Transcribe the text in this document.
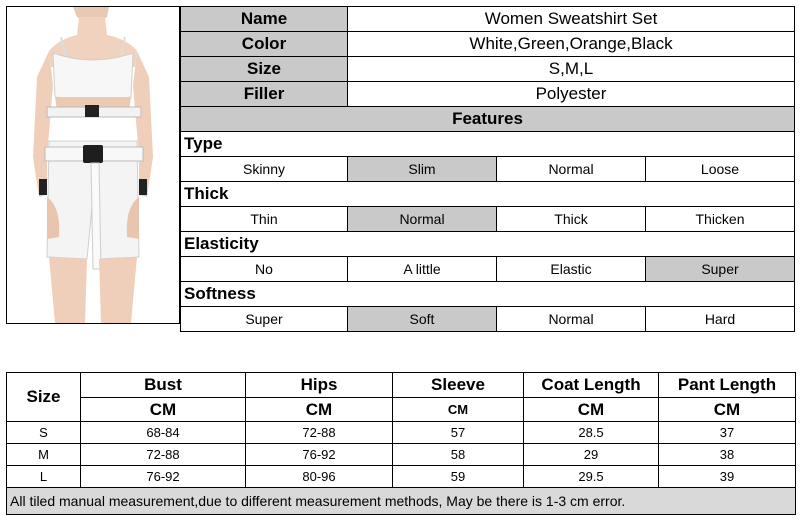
Name	Women Sweatshirt Set		
Color	White,Green,Orange,Black		
Size	S,M,L		
Filler	Polyester		
Features			
Type			
Skinny	Slim	Normal	Loose
Thick			
Thin	Normal	Thick	Thicken
Elasticity			
No	A little	Elastic	Super
Softness			
Super	Soft	Normal	Hard
Size	Bust	Hips	Sleeve	Coat Length	Pant Length
	CM	CM	CM	CM	CM
S	68-84	72-88	57	28.5	37
M	72-88	76-92	58	29	38
L	76-92	80-96	59	29.5	39
All tiled manual measurement,due to different measurement methods, May be there is 1-3 cm error.					
